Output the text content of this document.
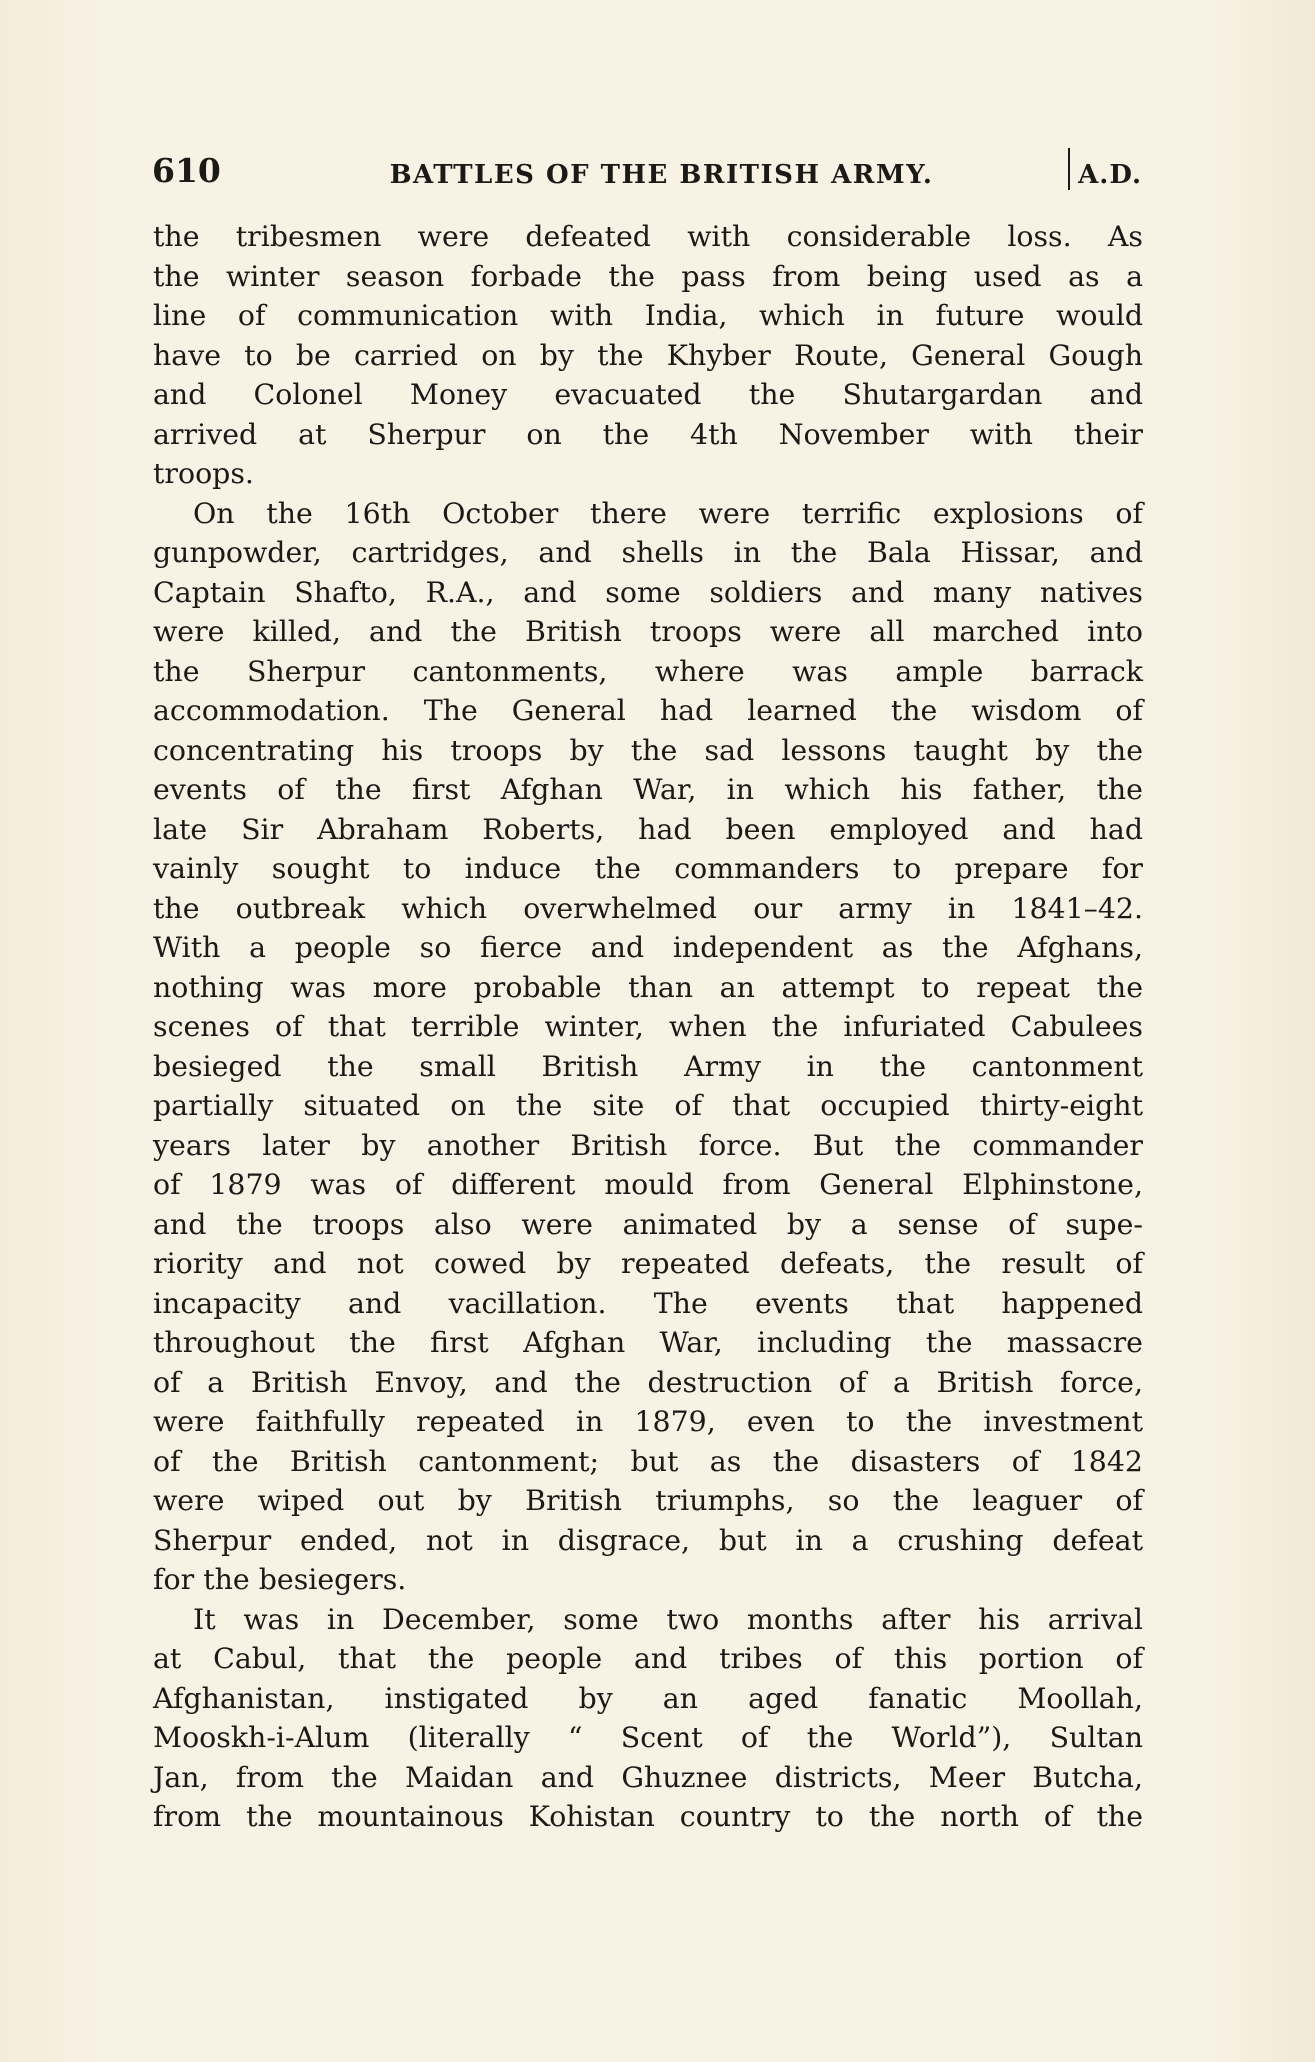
610	BATTLES OF THE BRITISH ARMY.	A.D.
the tribesmen were defeated with considerable loss. As
the winter season forbade the pass from being used as a
line of communication with India, which in future would
have to be carried on by the Khyber Route, General Gough
and Colonel Money evacuated the Shutargardan and
arrived at Sherpur on the 4th November with their
troops.
On the 16th October there were terrific explosions of
gunpowder, cartridges, and shells in the Bala Hissar, and
Captain Shafto, R.A., and some soldiers and many natives
were killed, and the British troops were all marched into
the Sherpur cantonments, where was ample barrack
accommodation. The General had learned the wisdom of
concentrating his troops by the sad lessons taught by the
events of the first Afghan War, in which his father, the
late Sir Abraham Roberts, had been employed and had
vainly sought to induce the commanders to prepare for
the outbreak which overwhelmed our army in 1841–42.
With a people so fierce and independent as the Afghans,
nothing was more probable than an attempt to repeat the
scenes of that terrible winter, when the infuriated Cabulees
besieged the small British Army in the cantonment
partially situated on the site of that occupied thirty-eight
years later by another British force. But the commander
of 1879 was of different mould from General Elphinstone,
and the troops also were animated by a sense of supe-
riority and not cowed by repeated defeats, the result of
incapacity and vacillation. The events that happened
throughout the first Afghan War, including the massacre
of a British Envoy, and the destruction of a British force,
were faithfully repeated in 1879, even to the investment
of the British cantonment; but as the disasters of 1842
were wiped out by British triumphs, so the leaguer of
Sherpur ended, not in disgrace, but in a crushing defeat
for the besiegers.
It was in December, some two months after his arrival
at Cabul, that the people and tribes of this portion of
Afghanistan, instigated by an aged fanatic Moollah,
Mooskh-i-Alum (literally “ Scent of the World”), Sultan
Jan, from the Maidan and Ghuznee districts, Meer Butcha,
from the mountainous Kohistan country to the north of the
